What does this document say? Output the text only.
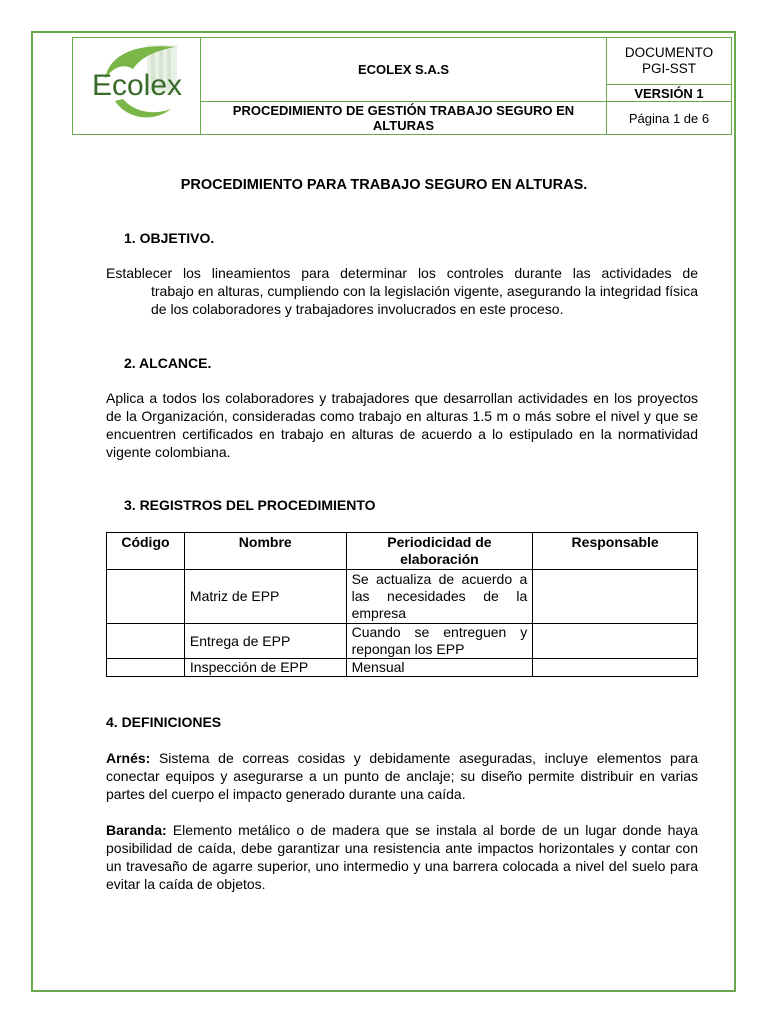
Ecolex	ECOLEX S.A.S	DOCUMENTO
PGI-SST

		VERSIÓN 1
	PROCEDIMIENTO DE GESTIÓN TRABAJO SEGURO EN ALTURAS	Página 1 de 6
PROCEDIMIENTO PARA TRABAJO SEGURO EN ALTURAS.
1. OBJETIVO.
Establecer los lineamientos para determinar los controles durante las actividades de
trabajo en alturas, cumpliendo con la legislación vigente, asegurando la integridad física de los colaboradores y trabajadores involucrados en este proceso.
2. ALCANCE.
Aplica a todos los colaboradores y trabajadores que desarrollan actividades en los proyectos de la Organización, consideradas como trabajo en alturas 1.5 m o más sobre el nivel y que se encuentren certificados en trabajo en alturas de acuerdo a lo estipulado en la normatividad vigente colombiana.
3. REGISTROS DEL PROCEDIMIENTO
Código	Nombre	Periodicidad de elaboración	Responsable
	Matriz de EPP	Se actualiza de acuerdo a las necesidades de la empresa	
	Entrega de EPP	Cuando se entreguen y repongan los EPP	
	Inspección de EPP	Mensual	
4. DEFINICIONES
Arnés: Sistema de correas cosidas y debidamente aseguradas, incluye elementos para conectar equipos y asegurarse a un punto de anclaje; su diseño permite distribuir en varias partes del cuerpo el impacto generado durante una caída.
Baranda: Elemento metálico o de madera que se instala al borde de un lugar donde haya posibilidad de caída, debe garantizar una resistencia ante impactos horizontales y contar con un travesaño de agarre superior, uno intermedio y una barrera colocada a nivel del suelo para evitar la caída de objetos.
